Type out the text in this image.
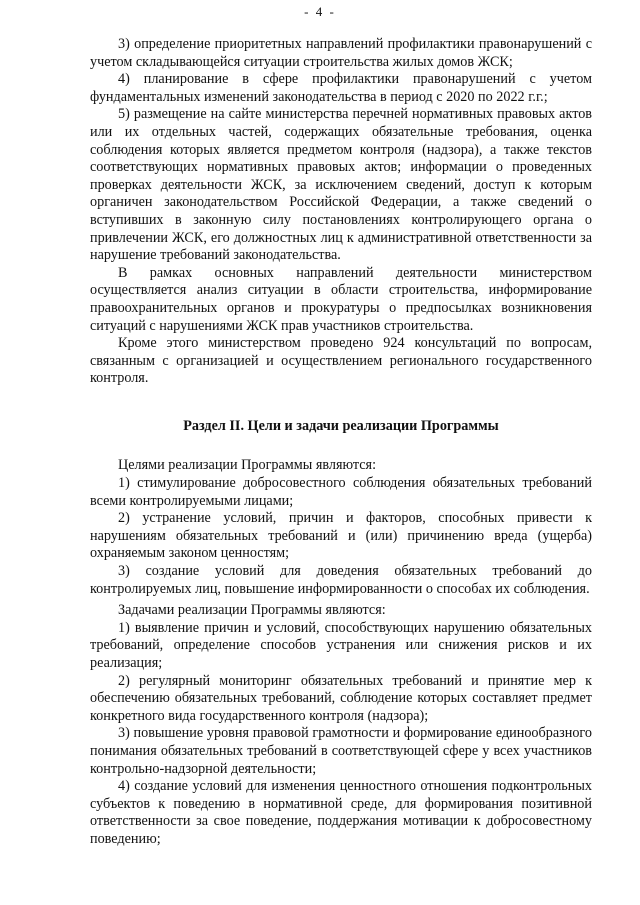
- 4 -

3) определение приоритетных направлений профилактики правонарушений с учетом складывающейся ситуации строительства жилых домов ЖСК;

4) планирование в сфере профилактики правонарушений с учетом фундаментальных изменений законодательства в период с 2020 по 2022 г.г.;

5) размещение на сайте министерства перечней нормативных правовых актов или их отдельных частей, содержащих обязательные требования, оценка соблюдения которых является предметом контроля (надзора), а также текстов соответствующих нормативных правовых актов; информации о проведенных проверках деятельности ЖСК, за исключением сведений, доступ к которым органичен законодательством Российской Федерации, а также сведений о вступивших в законную силу постановлениях контролирующего органа о привлечении ЖСК, его должностных лиц к административной ответственности за нарушение требований законодательства.

В рамках основных направлений деятельности министерством осуществляется анализ ситуации в области строительства, информирование правоохранительных органов и прокуратуры о предпосылках возникновения ситуаций с нарушениями ЖСК прав участников строительства.

Кроме этого министерством проведено 924 консультаций по вопросам, связанным с организацией и осуществлением регионального государственного контроля.

Раздел II. Цели и задачи реализации Программы

Целями реализации Программы являются:

1) стимулирование добросовестного соблюдения обязательных требований всеми контролируемыми лицами;

2) устранение условий, причин и факторов, способных привести к нарушениям обязательных требований и (или) причинению вреда (ущерба) охраняемым законом ценностям;

3) создание условий для доведения обязательных требований до контролируемых лиц, повышение информированности о способах их соблюдения.

Задачами реализации Программы являются:

1) выявление причин и условий, способствующих нарушению обязательных требований, определение способов устранения или снижения рисков и их реализация;

2) регулярный мониторинг обязательных требований и принятие мер к обеспечению обязательных требований, соблюдение которых составляет предмет конкретного вида государственного контроля (надзора);

3) повышение уровня правовой грамотности и формирование единообразного понимания обязательных требований в соответствующей сфере у всех участников контрольно-надзорной деятельности;

4) создание условий для изменения ценностного отношения подконтрольных субъектов к поведению в нормативной среде, для формирования позитивной ответственности за свое поведение, поддержания мотивации к добросовестному поведению;
